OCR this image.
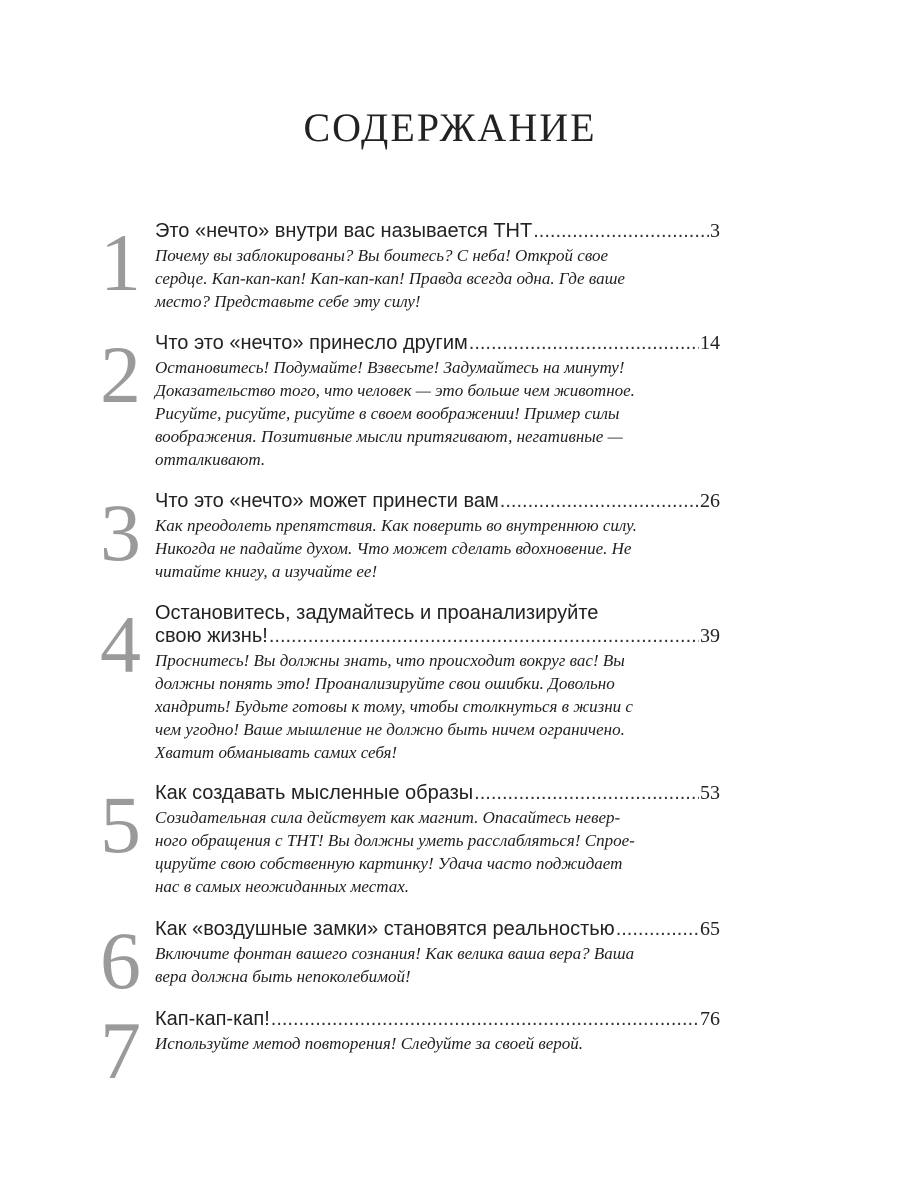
СОДЕРЖАНИЕ
1 Это «нечто» внутри вас называется ТНТ .....	3
Почему вы заблокированы? Вы боитесь? С неба! Открой свое
сердце. Кап-кап-кап! Кап-кап-кап! Правда всегда одна. Где ваше
место? Представьте себе эту силу!
2 Что это «нечто» принесло другим .....	14
Остановитесь! Подумайте! Взвесьте! Задумайтесь на минуту!
Доказательство того, что человек — это больше чем животное.
Рисуйте, рисуйте, рисуйте в своем воображении! Пример силы
воображения. Позитивные мысли притягивают, негативные —
отталкивают.
3 Что это «нечто» может принести вам .....	26
Как преодолеть препятствия. Как поверить во внутреннюю силу.
Никогда не падайте духом. Что может сделать вдохновение. Не
читайте книгу, а изучайте ее!
4 Остановитесь, задумайтесь и проанализируйте
свою жизнь! .....	39
Проснитесь! Вы должны знать, что происходит вокруг вас! Вы
должны понять это! Проанализируйте свои ошибки. Довольно
хандрить! Будьте готовы к тому, чтобы столкнуться в жизни с
чем угодно! Ваше мышление не должно быть ничем ограничено.
Хватит обманывать самих себя!
5 Как создавать мысленные образы .....	53
Созидательная сила действует как магнит. Опасайтесь невер-
ного обращения с ТНТ! Вы должны уметь расслабляться! Спрое-
цируйте свою собственную картинку! Удача часто поджидает
нас в самых неожиданных местах.
6 Как «воздушные замки» становятся реальностью .....	65
Включите фонтан вашего сознания! Как велика ваша вера? Ваша
вера должна быть непоколебимой!
7 Кап-кап-кап! .....	76
Используйте метод повторения! Следуйте за своей верой.
